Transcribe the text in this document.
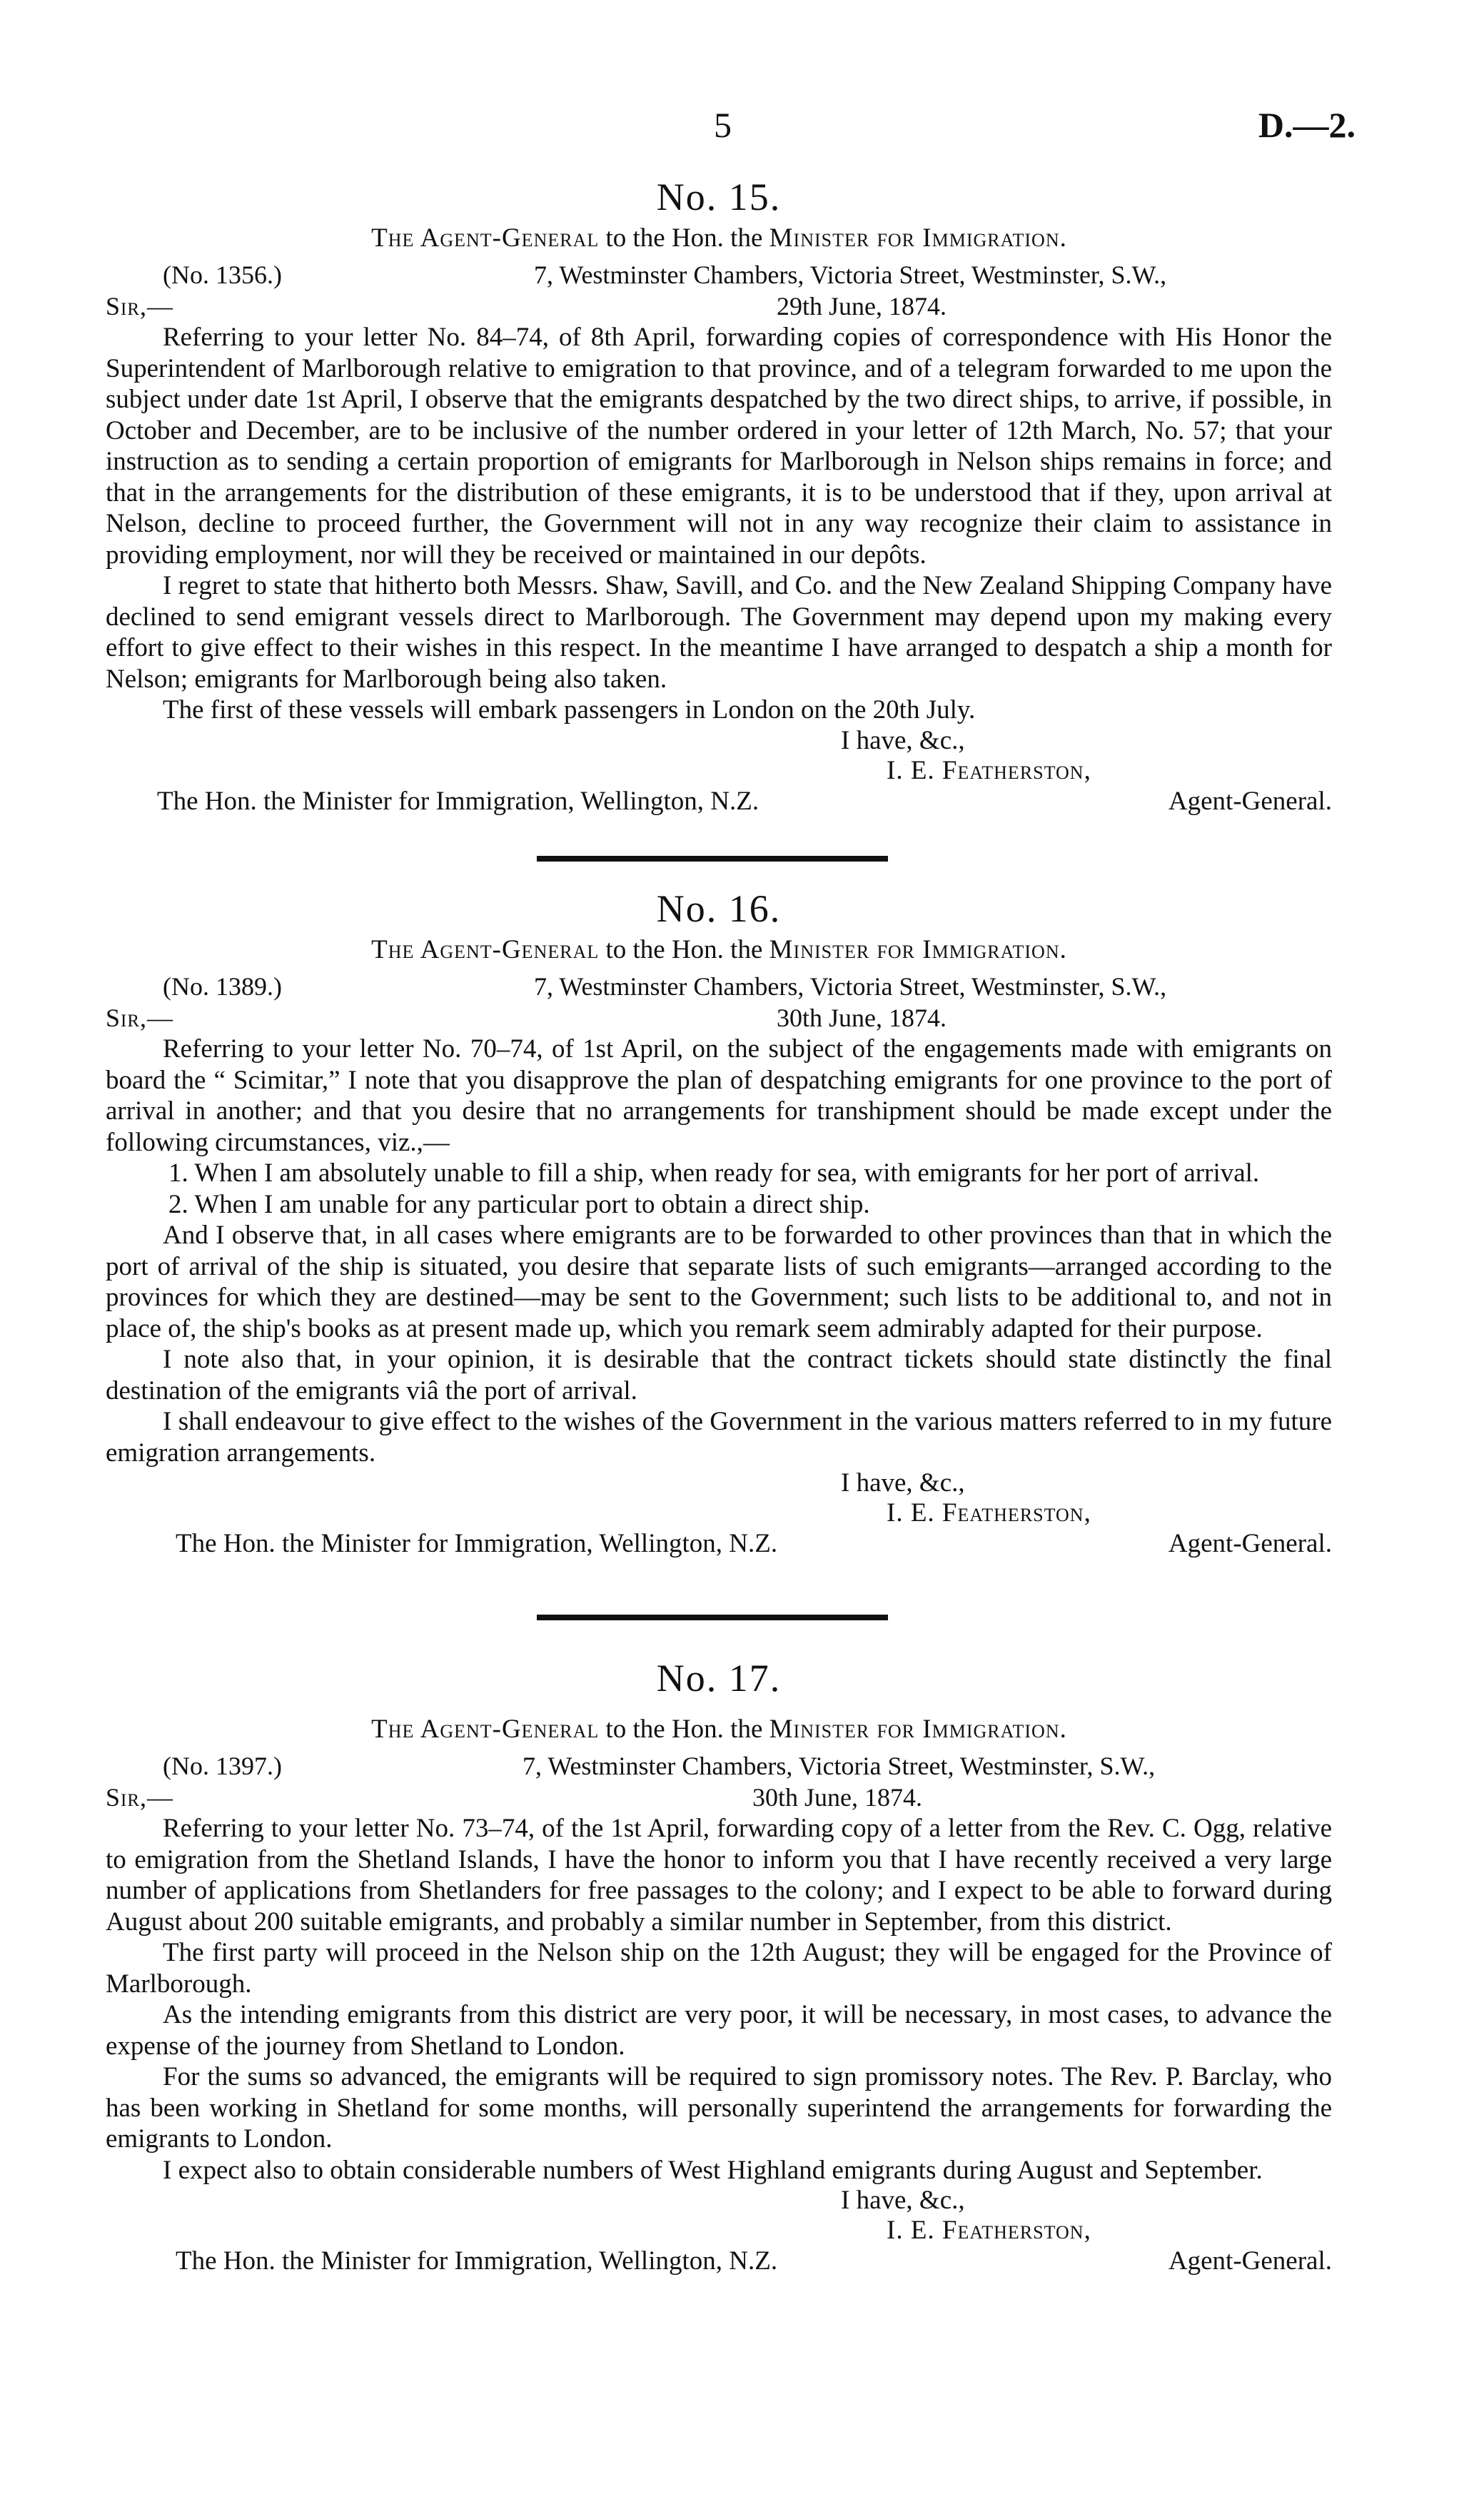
5	D.—2.
No. 15.
The Agent-General to the Hon. the Minister for Immigration.
(No. 1356.)	7, Westminster Chambers, Victoria Street, Westminster, S.W.,
Sir,—	29th June, 1874.

Referring to your letter No. 84–74, of 8th April, forwarding copies of correspondence with His Honor the Superintendent of Marlborough relative to emigration to that province, and of a telegram forwarded to me upon the subject under date 1st April, I observe that the emigrants despatched by the two direct ships, to arrive, if possible, in October and December, are to be inclusive of the number ordered in your letter of 12th March, No. 57; that your instruction as to sending a certain proportion of emigrants for Marlborough in Nelson ships remains in force; and that in the arrangements for the distribution of these emigrants, it is to be understood that if they, upon arrival at Nelson, decline to proceed further, the Government will not in any way recognize their claim to assistance in providing employment, nor will they be received or maintained in our depôts.

I regret to state that hitherto both Messrs. Shaw, Savill, and Co. and the New Zealand Shipping Company have declined to send emigrant vessels direct to Marlborough. The Government may depend upon my making every effort to give effect to their wishes in this respect. In the meantime I have arranged to despatch a ship a month for Nelson; emigrants for Marlborough being also taken.

The first of these vessels will embark passengers in London on the 20th July.

I have, &c.,
I. E. Featherston,
The Hon. the Minister for Immigration, Wellington, N.Z.	Agent-General.
No. 16.
The Agent-General to the Hon. the Minister for Immigration.
(No. 1389.)	7, Westminster Chambers, Victoria Street, Westminster, S.W.,
Sir,—	30th June, 1874.

Referring to your letter No. 70–74, of 1st April, on the subject of the engagements made with emigrants on board the “ Scimitar,” I note that you disapprove the plan of despatching emigrants for one province to the port of arrival in another; and that you desire that no arrangements for transhipment should be made except under the following circumstances, viz.,—

1. When I am absolutely unable to fill a ship, when ready for sea, with emigrants for her port of arrival.
2. When I am unable for any particular port to obtain a direct ship.

And I observe that, in all cases where emigrants are to be forwarded to other provinces than that in which the port of arrival of the ship is situated, you desire that separate lists of such emigrants—arranged according to the provinces for which they are destined—may be sent to the Government; such lists to be additional to, and not in place of, the ship's books as at present made up, which you remark seem admirably adapted for their purpose.

I note also that, in your opinion, it is desirable that the contract tickets should state distinctly the final destination of the emigrants viâ the port of arrival.

I shall endeavour to give effect to the wishes of the Government in the various matters referred to in my future emigration arrangements.

I have, &c.,
I. E. Featherston,
The Hon. the Minister for Immigration, Wellington, N.Z.	Agent-General.
No. 17.
The Agent-General to the Hon. the Minister for Immigration.
(No. 1397.)	7, Westminster Chambers, Victoria Street, Westminster, S.W.,
Sir,—	30th June, 1874.

Referring to your letter No. 73–74, of the 1st April, forwarding copy of a letter from the Rev. C. Ogg, relative to emigration from the Shetland Islands, I have the honor to inform you that I have recently received a very large number of applications from Shetlanders for free passages to the colony; and I expect to be able to forward during August about 200 suitable emigrants, and probably a similar number in September, from this district.

The first party will proceed in the Nelson ship on the 12th August; they will be engaged for the Province of Marlborough.

As the intending emigrants from this district are very poor, it will be necessary, in most cases, to advance the expense of the journey from Shetland to London.

For the sums so advanced, the emigrants will be required to sign promissory notes. The Rev. P. Barclay, who has been working in Shetland for some months, will personally superintend the arrangements for forwarding the emigrants to London.

I expect also to obtain considerable numbers of West Highland emigrants during August and September.

I have, &c.,
I. E. Featherston,
The Hon. the Minister for Immigration, Wellington, N.Z.	Agent-General.
